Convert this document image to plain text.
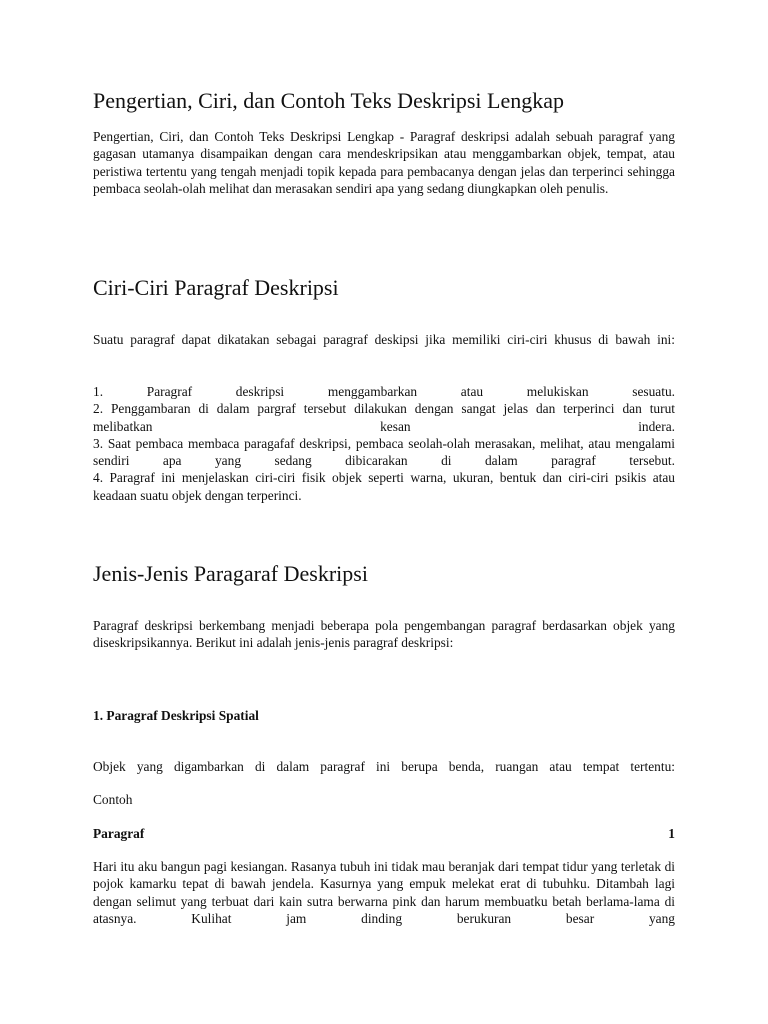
Pengertian, Ciri, dan Contoh Teks Deskripsi Lengkap

Pengertian, Ciri, dan Contoh Teks Deskripsi Lengkap - Paragraf deskripsi adalah sebuah paragraf yang gagasan utamanya disampaikan dengan cara mendeskripsikan atau menggambarkan objek, tempat, atau peristiwa tertentu yang tengah menjadi topik kepada para pembacanya dengan jelas dan terperinci sehingga pembaca seolah-olah melihat dan merasakan sendiri apa yang sedang diungkapkan oleh penulis.

Ciri-Ciri Paragraf Deskripsi

Suatu paragraf dapat dikatakan sebagai paragraf deskipsi jika memiliki ciri-ciri khusus di bawah ini:

1. Paragraf deskripsi menggambarkan atau melukiskan sesuatu.
2. Penggambaran di dalam pargraf tersebut dilakukan dengan sangat jelas dan terperinci dan turut melibatkan kesan indera.
3. Saat pembaca membaca paragafaf deskripsi, pembaca seolah-olah merasakan, melihat, atau mengalami sendiri apa yang sedang dibicarakan di dalam paragraf tersebut.
4. Paragraf ini menjelaskan ciri-ciri fisik objek seperti warna, ukuran, bentuk dan ciri-ciri psikis atau keadaan suatu objek dengan terperinci.
Jenis-Jenis Paragaraf Deskripsi

Paragraf deskripsi berkembang menjadi beberapa pola pengembangan paragraf berdasarkan objek yang diseskripsikannya. Berikut ini adalah jenis-jenis paragraf deskripsi:

1. Paragraf Deskripsi Spatial

Objek yang digambarkan di dalam paragraf ini berupa benda, ruangan atau tempat tertentu:

Contoh

Paragraf	1

Hari itu aku bangun pagi kesiangan. Rasanya tubuh ini tidak mau beranjak dari tempat tidur yang terletak di pojok kamarku tepat di bawah jendela. Kasurnya yang empuk melekat erat di tubuhku. Ditambah lagi dengan selimut yang terbuat dari kain sutra berwarna pink dan harum membuatku betah berlama-lama di atasnya. Kulihat jam dinding berukuran besar yang
